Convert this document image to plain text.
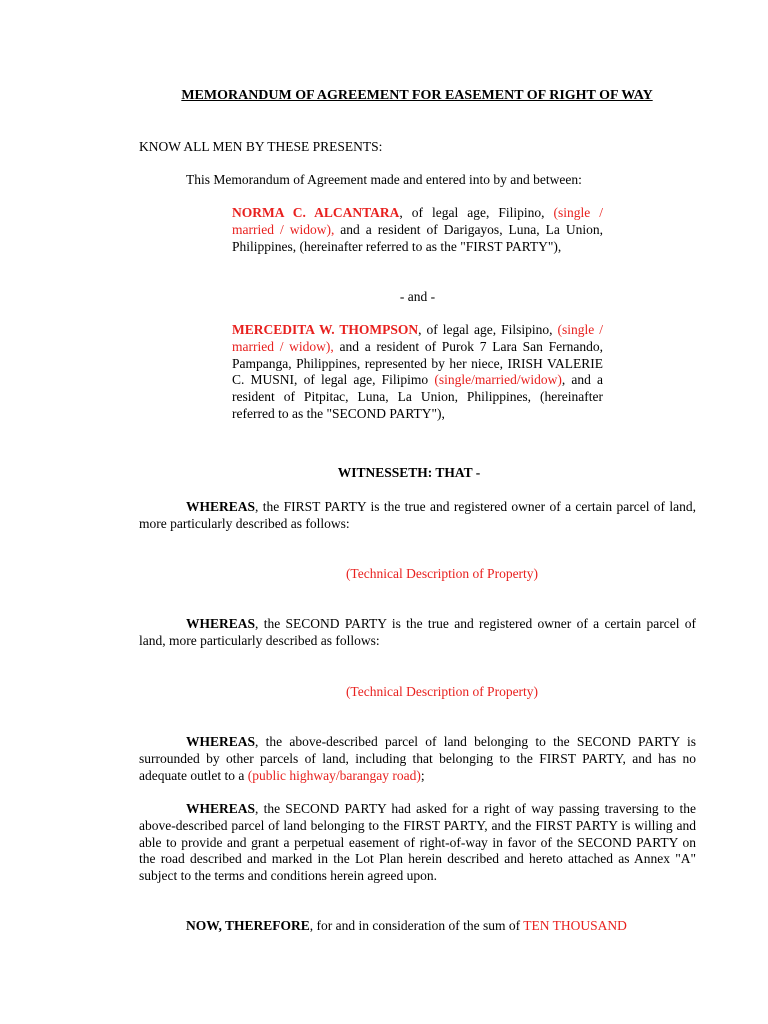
MEMORANDUM OF AGREEMENT FOR EASEMENT OF RIGHT OF WAY
KNOW ALL MEN BY THESE PRESENTS:
This Memorandum of Agreement made and entered into by and between:
NORMA C. ALCANTARA, of legal age, Filipino, (single / married / widow), and a resident of Darigayos, Luna, La Union, Philippines, (hereinafter referred to as the "FIRST PARTY"),
- and -
MERCEDITA W. THOMPSON, of legal age, Filsipino, (single / married / widow), and a resident of Purok 7 Lara San Fernando, Pampanga, Philippines, represented by her niece, IRISH VALERIE C. MUSNI, of legal age, Filipimo (single/married/widow), and a resident of Pitpitac, Luna, La Union, Philippines, (hereinafter referred to as the "SECOND PARTY"),
WITNESSETH: THAT -
WHEREAS, the FIRST PARTY is the true and registered owner of a certain parcel of land, more particularly described as follows:
(Technical Description of Property)
WHEREAS, the SECOND PARTY is the true and registered owner of a certain parcel of land, more particularly described as follows:
(Technical Description of Property)
WHEREAS, the above-described parcel of land belonging to the SECOND PARTY is surrounded by other parcels of land, including that belonging to the FIRST PARTY, and has no adequate outlet to a (public highway/barangay road);
WHEREAS, the SECOND PARTY had asked for a right of way passing traversing to the above-described parcel of land belonging to the FIRST PARTY, and the FIRST PARTY is willing and able to provide and grant a perpetual easement of right-of-way in favor of the SECOND PARTY on the road described and marked in the Lot Plan herein described and hereto attached as Annex "A" subject to the terms and conditions herein agreed upon.
NOW, THEREFORE, for and in consideration of the sum of TEN THOUSAND
